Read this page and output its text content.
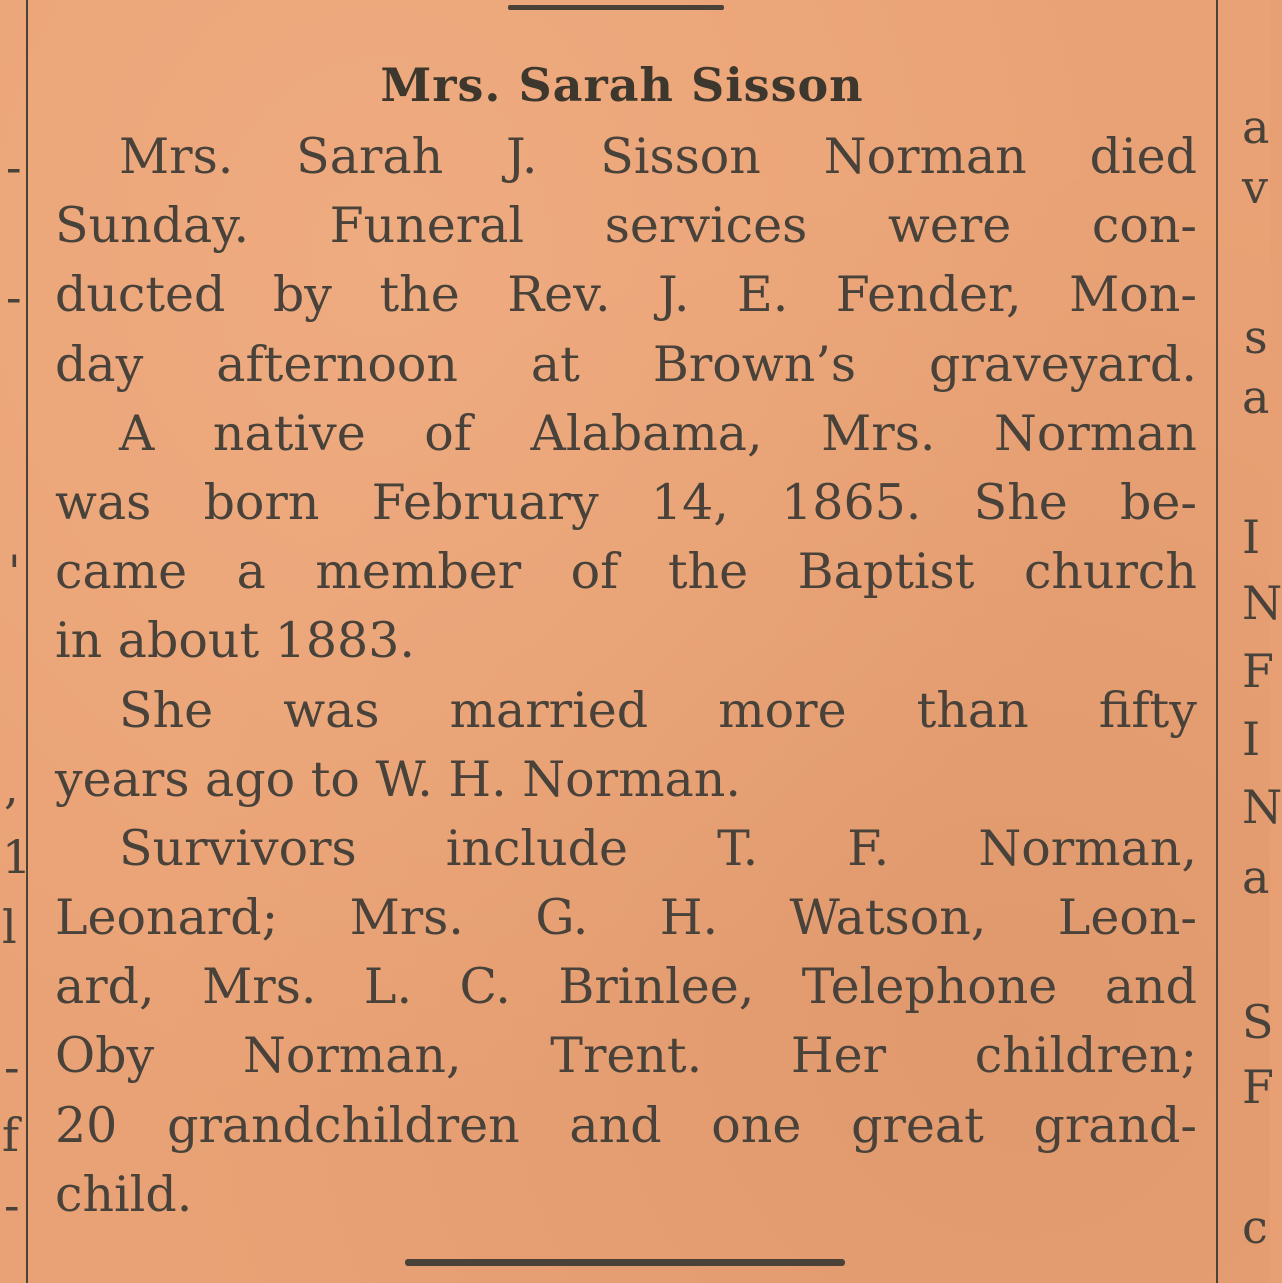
-
-
'
,
1
l
-
f
-
a
v
s
a
I
N
F
I
N
a
S
F
c
Mrs. Sarah Sisson
Mrs. Sarah J. Sisson Norman died
Sunday. Funeral services were con-
ducted by the Rev. J. E. Fender, Mon-
day afternoon at Brown’s graveyard.
A native of Alabama, Mrs. Norman
was born February 14, 1865. She be-
came a member of the Baptist church
in about 1883.
She was married more than fifty
years ago to W. H. Norman.
Survivors include T. F. Norman,
Leonard; Mrs. G. H. Watson, Leon-
ard, Mrs. L. C. Brinlee, Telephone and
Oby Norman, Trent. Her children;
20 grandchildren and one great grand-
child.
